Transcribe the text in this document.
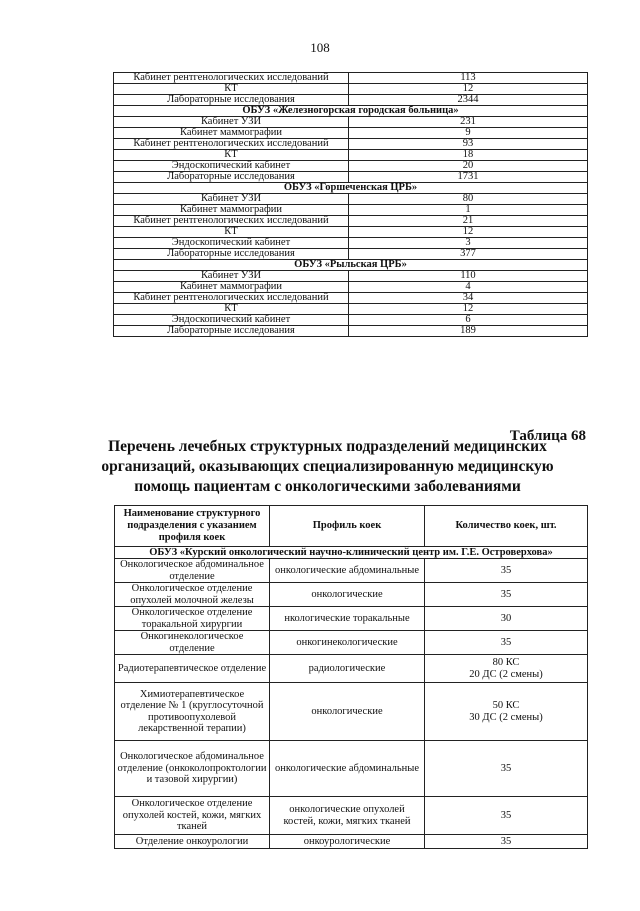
108
Кабинет рентгенологических исследований	113
КТ	12
Лабораторные исследования	2344
ОБУЗ «Железногорская городская больница»	
Кабинет УЗИ	231
Кабинет маммографии	9
Кабинет рентгенологических исследований	93
КТ	18
Эндоскопический кабинет	20
Лабораторные исследования	1731
ОБУЗ «Горшеченская ЦРБ»	
Кабинет УЗИ	80
Кабинет маммографии	1
Кабинет рентгенологических исследований	21
КТ	12
Эндоскопический кабинет	3
Лабораторные исследования	377
ОБУЗ «Рыльская ЦРБ»	
Кабинет УЗИ	110
Кабинет маммографии	4
Кабинет рентгенологических исследований	34
КТ	12
Эндоскопический кабинет	6
Лабораторные исследования	189
Таблица 68
Перечень лечебных структурных подразделений медицинских
организаций, оказывающих специализированную медицинскую
помощь пациентам с онкологическими заболеваниями
Наименование структурного подразделения с указанием профиля коек	Профиль коек	Количество коек, шт.
ОБУЗ «Курский онкологический научно-клинический центр им. Г.Е. Островерхова»		
Онкологическое абдоминальное отделение	онкологические абдоминальные	35
Онкологическое отделение опухолей молочной железы	онкологические	35
Онкологическое отделение торакальной хирургии	нкологические торакальные	30
Онкогинекологическое отделение	онкогинекологические	35
Радиотерапевтическое отделение	радиологические	80 КС
20 ДС (2 смены)
Химиотерапевтическое отделение № 1 (круглосуточной противоопухолевой лекарственной терапии)	онкологические	50 КС
30 ДС (2 смены)
Онкологическое абдоминальное отделение (онкоколопроктологии и тазовой хирургии)	онкологические абдоминальные	35
Онкологическое отделение опухолей костей, кожи, мягких тканей	онкологические опухолей костей, кожи, мягких тканей	35
Отделение онкоурологии	онкоурологические	35
